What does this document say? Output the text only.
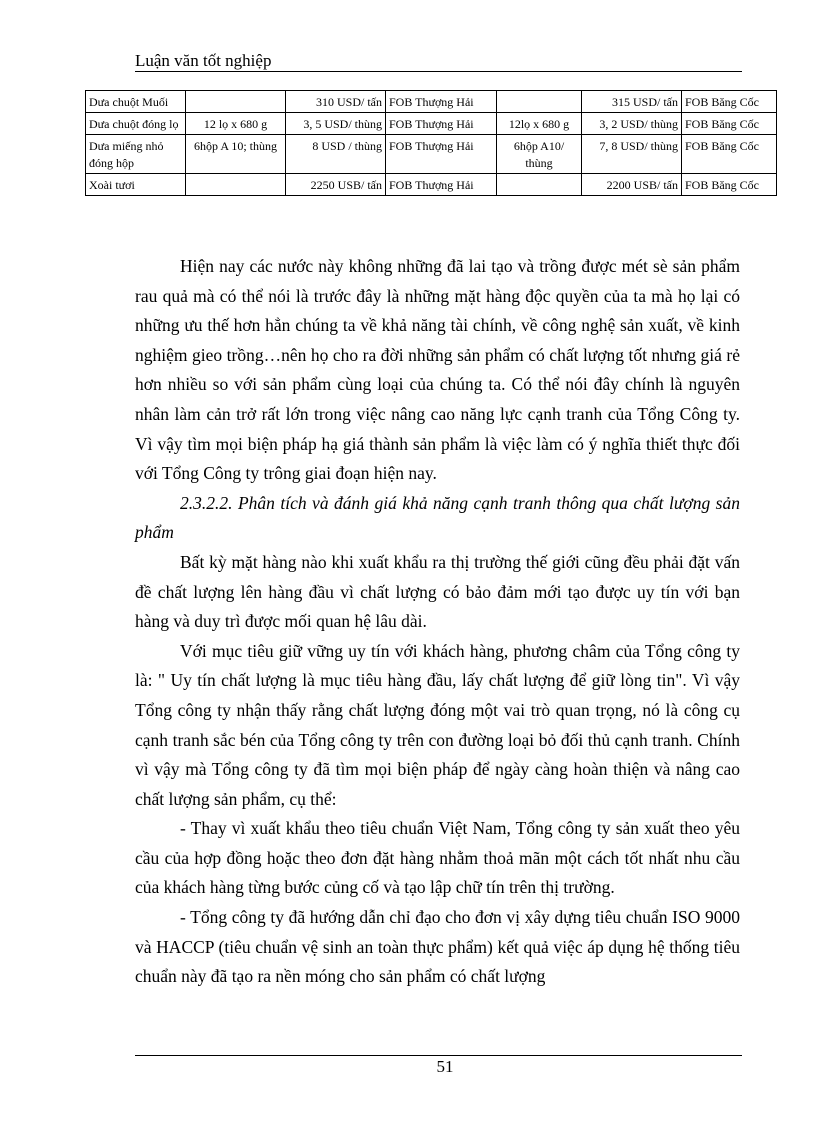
Luận văn tốt nghiệp
Dưa chuột Muối		310 USD/ tấn	FOB Thượng Hải		315 USD/ tấn	FOB Băng Cốc
Dưa chuột đóng lọ	12 lọ x 680 g	3, 5 USD/ thùng	FOB Thượng Hải	12lọ x 680 g	3, 2 USD/ thùng	FOB Băng Cốc
Dưa miếng nhỏ đóng hộp	6hộp A 10; thùng	8 USD / thùng	FOB Thượng Hải	6hộp A10/ thùng	7, 8 USD/ thùng	FOB Băng Cốc
Xoài tươi		2250 USB/ tấn	FOB Thượng Hải		2200 USB/ tấn	FOB Băng Cốc

Hiện nay các nước này không những đã lai tạo và trồng được mét sè sản phẩm rau quả mà có thể nói là trước đây là những mặt hàng độc quyền của ta mà họ lại có những ưu thế hơn hẳn chúng ta về khả năng tài chính, về công nghệ sản xuất, về kinh nghiệm gieo trồng…nên họ cho ra đời những sản phẩm có chất lượng tốt nhưng giá rẻ hơn nhiều so với sản phẩm cùng loại của chúng ta. Có thể nói đây chính là nguyên nhân làm cản trở rất lớn trong việc nâng cao năng lực cạnh tranh của Tổng Công ty. Vì vậy tìm mọi biện pháp hạ giá thành sản phẩm là việc làm có ý nghĩa thiết thực đối với Tổng Công ty trông giai đoạn hiện nay.

2.3.2.2. Phân tích và đánh giá khả năng cạnh tranh thông qua chất lượng sản phẩm

Bất kỳ mặt hàng nào khi xuất khẩu ra thị trường thế giới cũng đều phải đặt vấn đề chất lượng lên hàng đầu vì chất lượng có bảo đảm mới tạo được uy tín với bạn hàng và duy trì được mối quan hệ lâu dài.

Với mục tiêu giữ vững uy tín với khách hàng, phương châm của Tổng công ty là: " Uy tín chất lượng là mục tiêu hàng đầu, lấy chất lượng để giữ lòng tin". Vì vậy Tổng công ty nhận thấy rằng chất lượng đóng một vai trò quan trọng, nó là công cụ cạnh tranh sắc bén của Tổng công ty trên con đường loại bỏ đối thủ cạnh tranh. Chính vì vậy mà Tổng công ty đã tìm mọi biện pháp để ngày càng hoàn thiện và nâng cao chất lượng sản phẩm, cụ thể:

- Thay vì xuất khẩu theo tiêu chuẩn Việt Nam, Tổng công ty sản xuất theo yêu cầu của hợp đồng hoặc theo đơn đặt hàng nhằm thoả mãn một cách tốt nhất nhu cầu của khách hàng từng bước củng cố và tạo lập chữ tín trên thị trường.

- Tổng công ty đã hướng dẫn chỉ đạo cho đơn vị xây dựng tiêu chuẩn ISO 9000 và HACCP (tiêu chuẩn vệ sinh an toàn thực phẩm) kết quả việc áp dụng hệ thống tiêu chuẩn này đã tạo ra nền móng cho sản phẩm có chất lượng

51
